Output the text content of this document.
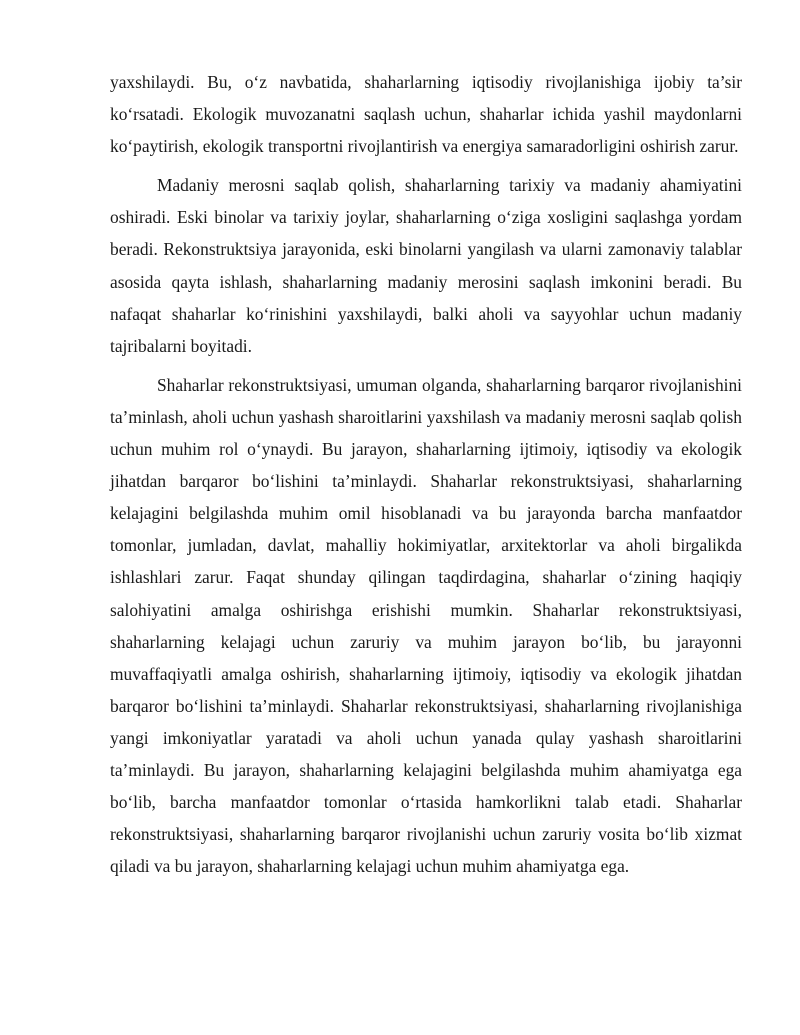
yaxshilaydi. Bu, o‘z navbatida, shaharlarning iqtisodiy rivojlanishiga ijobiy ta’sir ko‘rsatadi. Ekologik muvozanatni saqlash uchun, shaharlar ichida yashil maydonlarni ko‘paytirish, ekologik transportni rivojlantirish va energiya samaradorligini oshirish zarur.

Madaniy merosni saqlab qolish, shaharlarning tarixiy va madaniy ahamiyatini oshiradi. Eski binolar va tarixiy joylar, shaharlarning o‘ziga xosligini saqlashga yordam beradi. Rekonstruktsiya jarayonida, eski binolarni yangilash va ularni zamonaviy talablar asosida qayta ishlash, shaharlarning madaniy merosini saqlash imkonini beradi. Bu nafaqat shaharlar ko‘rinishini yaxshilaydi, balki aholi va sayyohlar uchun madaniy tajribalarni boyitadi.

Shaharlar rekonstruktsiyasi, umuman olganda, shaharlarning barqaror rivojlanishini ta’minlash, aholi uchun yashash sharoitlarini yaxshilash va madaniy merosni saqlab qolish uchun muhim rol o‘ynaydi. Bu jarayon, shaharlarning ijtimoiy, iqtisodiy va ekologik jihatdan barqaror bo‘lishini ta’minlaydi. Shaharlar rekonstruktsiyasi, shaharlarning kelajagini belgilashda muhim omil hisoblanadi va bu jarayonda barcha manfaatdor tomonlar, jumladan, davlat, mahalliy hokimiyatlar, arxitektorlar va aholi birgalikda ishlashlari zarur. Faqat shunday qilingan taqdirdagina, shaharlar o‘zining haqiqiy salohiyatini amalga oshirishga erishishi mumkin. Shaharlar rekonstruktsiyasi, shaharlarning kelajagi uchun zaruriy va muhim jarayon bo‘lib, bu jarayonni muvaffaqiyatli amalga oshirish, shaharlarning ijtimoiy, iqtisodiy va ekologik jihatdan barqaror bo‘lishini ta’minlaydi. Shaharlar rekonstruktsiyasi, shaharlarning rivojlanishiga yangi imkoniyatlar yaratadi va aholi uchun yanada qulay yashash sharoitlarini ta’minlaydi. Bu jarayon, shaharlarning kelajagini belgilashda muhim ahamiyatga ega bo‘lib, barcha manfaatdor tomonlar o‘rtasida hamkorlikni talab etadi. Shaharlar rekonstruktsiyasi, shaharlarning barqaror rivojlanishi uchun zaruriy vosita bo‘lib xizmat qiladi va bu jarayon, shaharlarning kelajagi uchun muhim ahamiyatga ega.
